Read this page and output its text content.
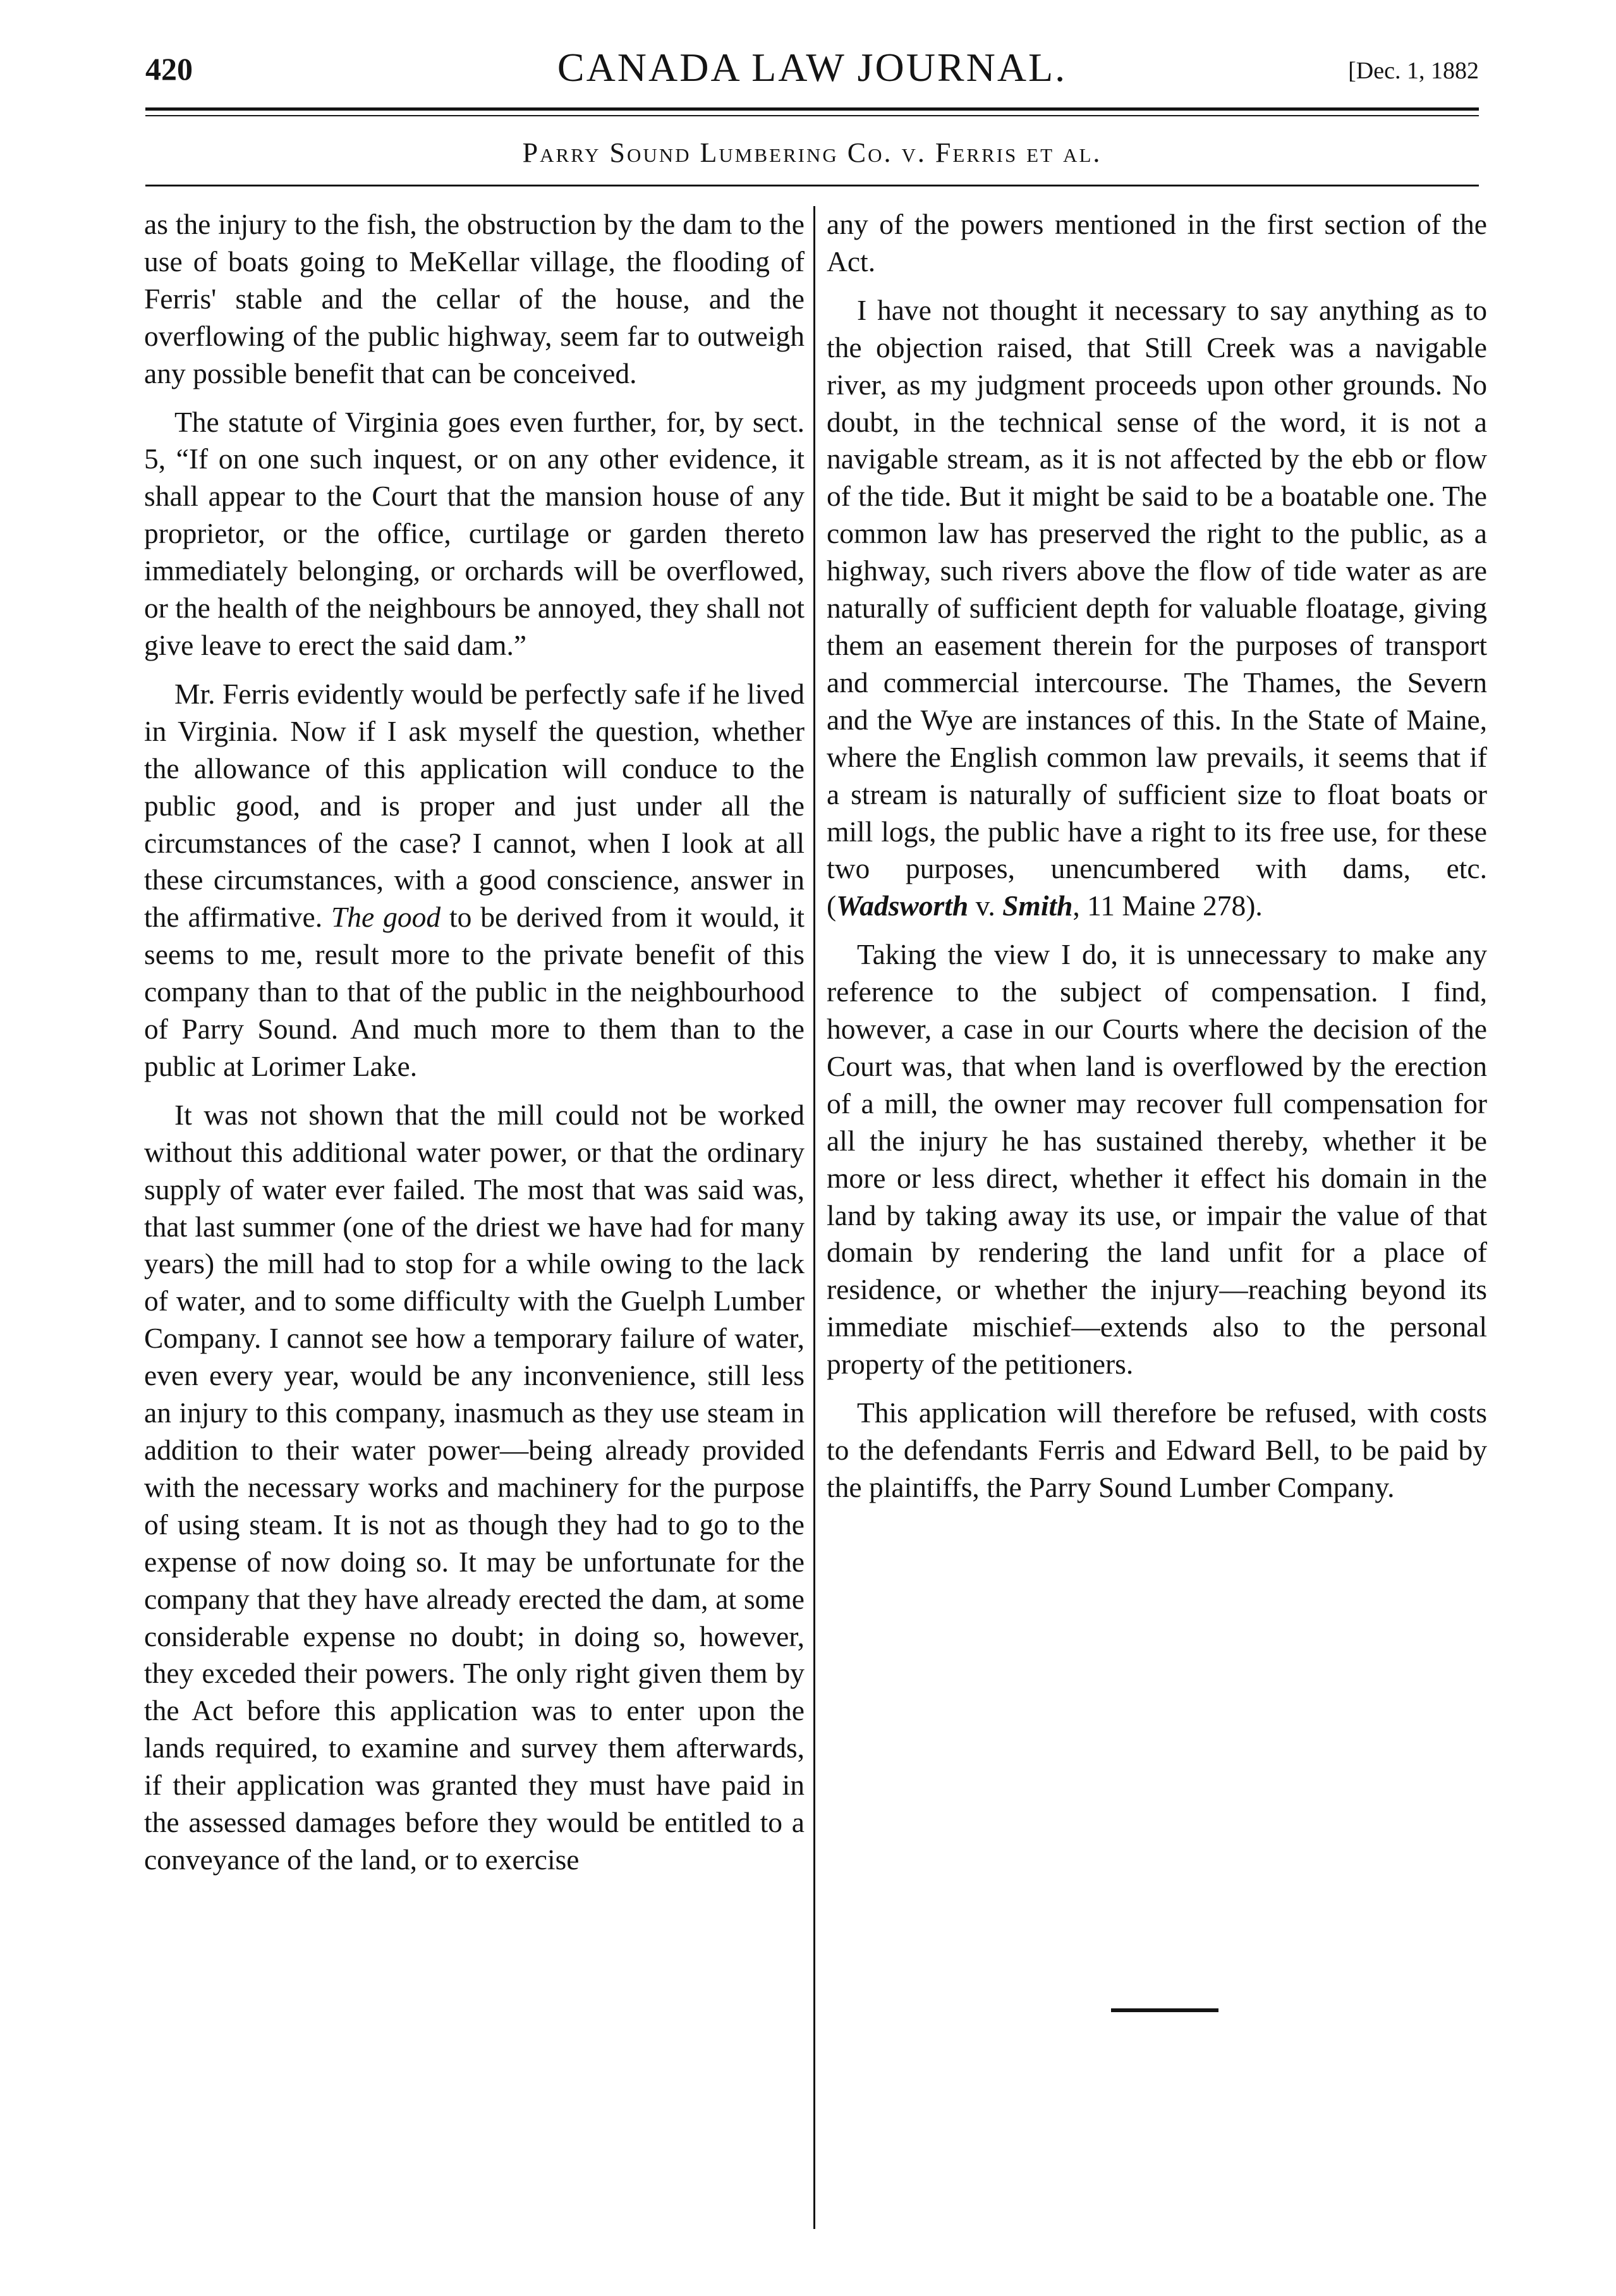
420	CANADA LAW JOURNAL.	[Dec. 1, 1882
Parry Sound Lumbering Co. v. Ferris et al.

as the injury to the fish, the obstruction by the dam to the use of boats going to MeKellar village, the flooding of Ferris' stable and the cellar of the house, and the overflowing of the public highway, seem far to outweigh any possible benefit that can be conceived.

The statute of Virginia goes even further, for, by sect. 5, “If on one such inquest, or on any other evidence, it shall appear to the Court that the mansion house of any proprietor, or the office, curtilage or garden thereto immediately belonging, or orchards will be overflowed, or the health of the neighbours be annoyed, they shall not give leave to erect the said dam.”

Mr. Ferris evidently would be perfectly safe if he lived in Virginia. Now if I ask myself the question, whether the allowance of this application will conduce to the public good, and is proper and just under all the circumstances of the case? I cannot, when I look at all these circumstances, with a good conscience, answer in the affirmative. The good to be derived from it would, it seems to me, result more to the private benefit of this company than to that of the public in the neighbourhood of Parry Sound. And much more to them than to the public at Lorimer Lake.

It was not shown that the mill could not be worked without this additional water power, or that the ordinary supply of water ever failed. The most that was said was, that last summer (one of the driest we have had for many years) the mill had to stop for a while owing to the lack of water, and to some difficulty with the Guelph Lumber Company. I cannot see how a temporary failure of water, even every year, would be any inconvenience, still less an injury to this company, inasmuch as they use steam in addition to their water power—being already provided with the necessary works and machinery for the purpose of using steam. It is not as though they had to go to the expense of now doing so. It may be unfortunate for the company that they have already erected the dam, at some considerable expense no doubt; in doing so, however, they exceded their powers. The only right given them by the Act before this application was to enter upon the lands required, to examine and survey them afterwards, if their application was granted they must have paid in the assessed damages before they would be entitled to a conveyance of the land, or to exercise

any of the powers mentioned in the first section of the Act.

I have not thought it necessary to say anything as to the objection raised, that Still Creek was a navigable river, as my judgment proceeds upon other grounds. No doubt, in the technical sense of the word, it is not a navigable stream, as it is not affected by the ebb or flow of the tide. But it might be said to be a boatable one. The common law has preserved the right to the public, as a highway, such rivers above the flow of tide water as are naturally of sufficient depth for valuable floatage, giving them an easement therein for the purposes of transport and commercial intercourse. The Thames, the Severn and the Wye are instances of this. In the State of Maine, where the English common law prevails, it seems that if a stream is naturally of sufficient size to float boats or mill logs, the public have a right to its free use, for these two purposes, unencumbered with dams, etc. (Wadsworth v. Smith, 11 Maine 278).

Taking the view I do, it is unnecessary to make any reference to the subject of compensation. I find, however, a case in our Courts where the decision of the Court was, that when land is overflowed by the erection of a mill, the owner may recover full compensation for all the injury he has sustained thereby, whether it be more or less direct, whether it effect his domain in the land by taking away its use, or impair the value of that domain by rendering the land unfit for a place of residence, or whether the injury—reaching beyond its immediate mischief—extends also to the personal property of the petitioners.

This application will therefore be refused, with costs to the defendants Ferris and Edward Bell, to be paid by the plaintiffs, the Parry Sound Lumber Company.
